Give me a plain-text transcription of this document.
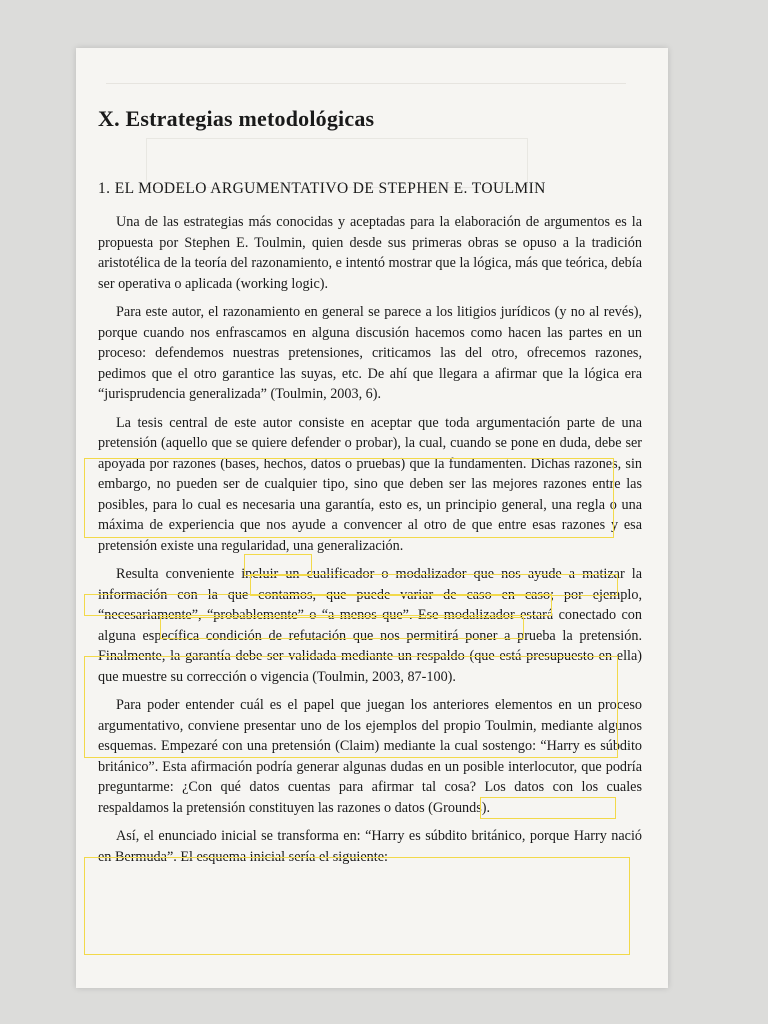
X. Estrategias metodológicas
1. EL MODELO ARGUMENTATIVO DE STEPHEN E. TOULMIN

Una de las estrategias más conocidas y aceptadas para la elaboración de argumentos es la propuesta por Stephen E. Toulmin, quien desde sus primeras obras se opuso a la tradición aristotélica de la teoría del razonamiento, e intentó mostrar que la lógica, más que teórica, debía ser operativa o aplicada (working logic).

Para este autor, el razonamiento en general se parece a los litigios jurídicos (y no al revés), porque cuando nos enfrascamos en alguna discusión hacemos como hacen las partes en un proceso: defendemos nuestras pretensiones, criticamos las del otro, ofrecemos razones, pedimos que el otro garantice las suyas, etc. De ahí que llegara a afirmar que la lógica era “jurisprudencia generalizada” (Toulmin, 2003, 6).

La tesis central de este autor consiste en aceptar que toda argumentación parte de una pretensión (aquello que se quiere defender o probar), la cual, cuando se pone en duda, debe ser apoyada por razones (bases, hechos, datos o pruebas) que la fundamenten. Dichas razones, sin embargo, no pueden ser de cualquier tipo, sino que deben ser las mejores razones entre las posibles, para lo cual es necesaria una garantía, esto es, un principio general, una regla o una máxima de experiencia que nos ayude a convencer al otro de que entre esas razones y esa pretensión existe una regularidad, una generalización.

Resulta conveniente incluir un cualificador o modalizador que nos ayude a matizar la información con la que contamos, que puede variar de caso en caso; por ejemplo, “necesariamente”, “probablemente” o “a menos que”. Ese modalizador estará conectado con alguna específica condición de refutación que nos permitirá poner a prueba la pretensión. Finalmente, la garantía debe ser validada mediante un respaldo (que está presupuesto en ella) que muestre su corrección o vigencia (Toulmin, 2003, 87-100).

Para poder entender cuál es el papel que juegan los anteriores elementos en un proceso argumentativo, conviene presentar uno de los ejemplos del propio Toulmin, mediante algunos esquemas. Empezaré con una pretensión (Claim) mediante la cual sostengo: “Harry es súbdito británico”. Esta afirmación podría generar algunas dudas en un posible interlocutor, que podría preguntarme: ¿Con qué datos cuentas para afirmar tal cosa? Los datos con los cuales respaldamos la pretensión constituyen las razones o datos (Grounds).

Así, el enunciado inicial se transforma en: “Harry es súbdito británico, porque Harry nació en Bermuda”. El esquema inicial sería el siguiente:
